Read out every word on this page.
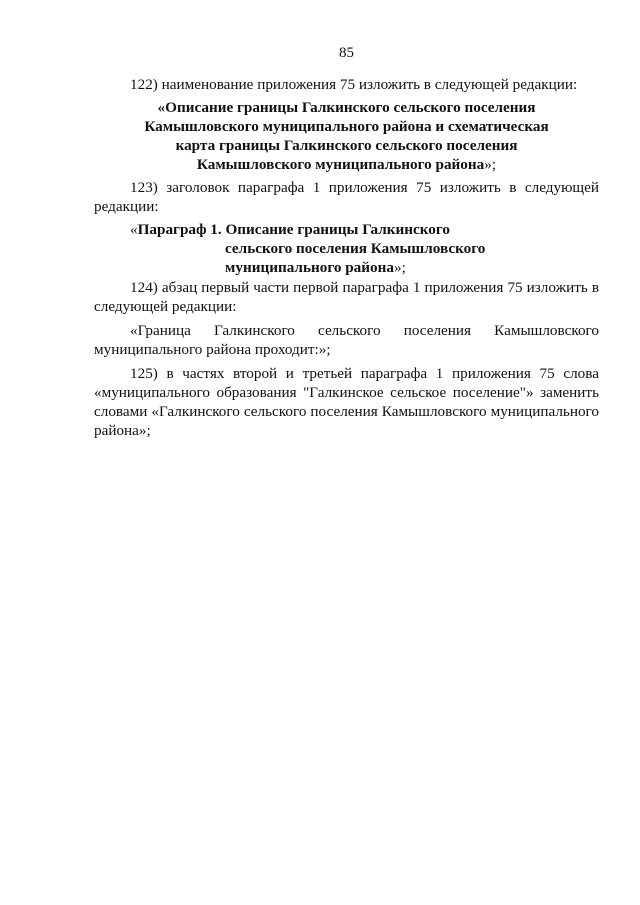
85

122) наименование приложения 75 изложить в следующей редакции:

«Описание границы Галкинского сельского поселения
Камышловского муниципального района и схематическая
карта границы Галкинского сельского поселения
Камышловского муниципального района»;

123) заголовок параграфа 1 приложения 75 изложить в следующей редакции:

«Параграф 1. Описание границы Галкинского
сельского поселения Камышловского
муниципального района»;

124) абзац первый части первой параграфа 1 приложения 75 изложить в следующей редакции:

«Граница Галкинского сельского поселения Камышловского муниципального района проходит:»;

125) в частях второй и третьей параграфа 1 приложения 75 слова «муниципального образования "Галкинское сельское поселение"» заменить словами «Галкинского сельского поселения Камышловского муниципального района»;
